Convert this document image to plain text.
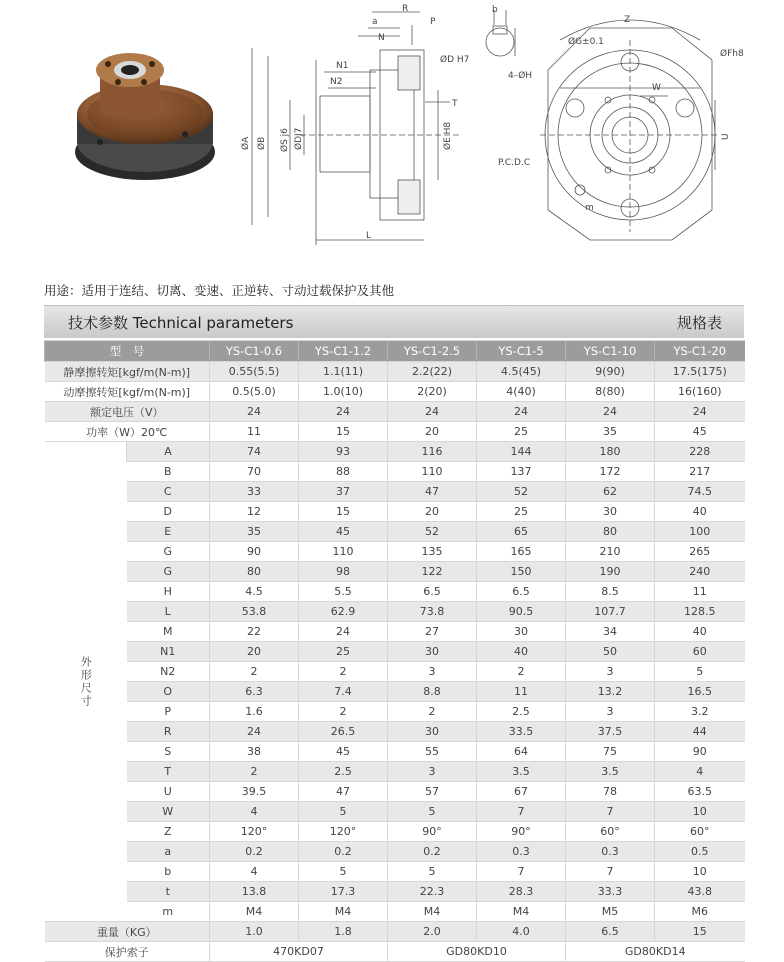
a
R
P
N
b
ØD H7
N1
N2
T
ØA ØB ØS j6 ØDJ7	ØE H8
L
Z
ØG±0.1
ØFh8
4–ØH
W
U
P.C.D.C
m
用途：适用于连结、切离、变速、正逆转、寸动过载保护及其他
技术参数 Technical parameters	规格表
型　号		YS-C1-0.6	YS-C1-1.2	YS-C1-2.5	YS-C1-5	YS-C1-10	YS-C1-20
静摩擦转矩[kgf/m(N-m)]		0.55(5.5)	1.1(11)	2.2(22)	4.5(45)	9(90)	17.5(175)
动摩擦转矩[kgf/m(N-m)]		0.5(5.0)	1.0(10)	2(20)	4(40)	8(80)	16(160)
额定电压（V）		24	24	24	24	24	24
功率（W）20℃		11	15	20	25	35	45
外形尺寸	A	74	93	116	144	180	228
	B	70	88	110	137	172	217
	C	33	37	47	52	62	74.5
	D	12	15	20	25	30	40
	E	35	45	52	65	80	100
	G	90	110	135	165	210	265
	G	80	98	122	150	190	240
	H	4.5	5.5	6.5	6.5	8.5	11
	L	53.8	62.9	73.8	90.5	107.7	128.5
	M	22	24	27	30	34	40
	N1	20	25	30	40	50	60
	N2	2	2	3	2	3	5
	O	6.3	7.4	8.8	11	13.2	16.5
	P	1.6	2	2	2.5	3	3.2
	R	24	26.5	30	33.5	37.5	44
	S	38	45	55	64	75	90
	T	2	2.5	3	3.5	3.5	4
	U	39.5	47	57	67	78	63.5
	W	4	5	5	7	7	10
	Z	120°	120°	90°	90°	60°	60°
	a	0.2	0.2	0.2	0.3	0.3	0.5
	b	4	5	5	7	7	10
	t	13.8	17.3	22.3	28.3	33.3	43.8
	m	M4	M4	M4	M4	M5	M6
重量（KG）		1.0	1.8	2.0	4.0	6.5	15
保护索子		470KD07		GD80KD10		GD80KD14	
